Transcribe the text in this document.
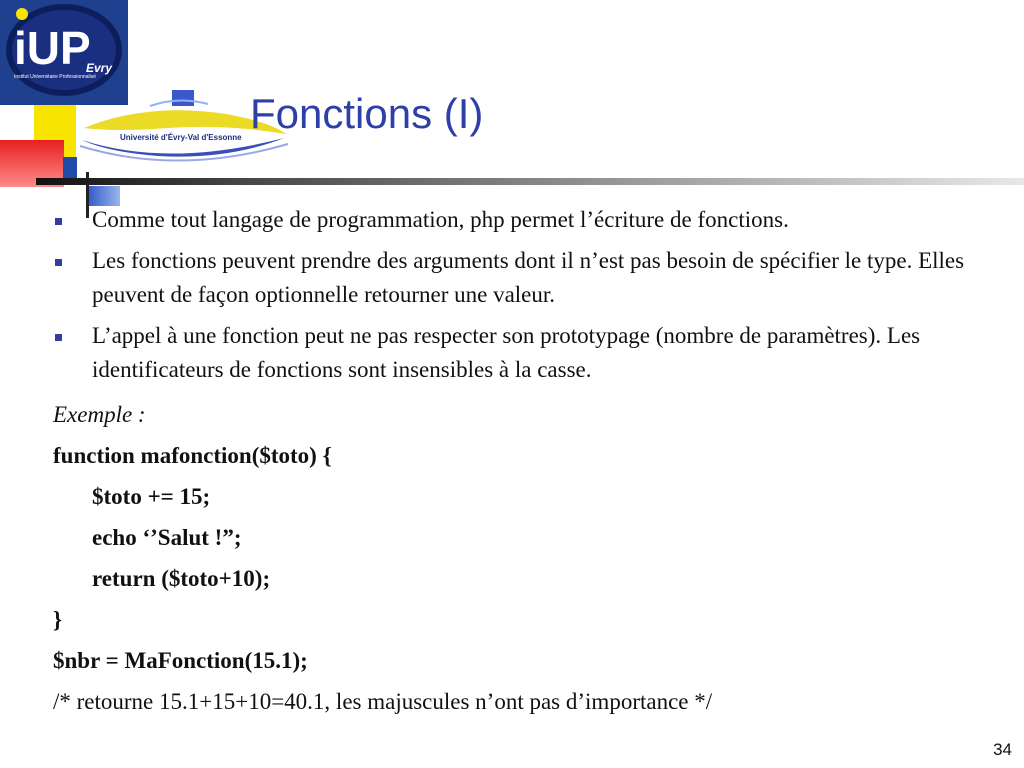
iUP
Evry
Institut Universitaire Professionnalisé
Université d'Évry-Val d'Essonne
Fonctions (I)
Comme tout langage de programmation, php permet l’écriture de fonctions.
Les fonctions peuvent prendre des arguments dont il n’est pas besoin de spécifier le type. Elles peuvent de façon optionnelle retourner une valeur.
L’appel à une fonction peut ne pas respecter son prototypage (nombre de paramètres). Les identificateurs de fonctions sont insensibles à la casse.
Exemple :
function mafonction($toto) {
$toto += 15;
echo ‘’Salut !”;
return ($toto+10);
}
$nbr = MaFonction(15.1);
/* retourne 15.1+15+10=40.1, les majuscules n’ont pas d’importance */
34
